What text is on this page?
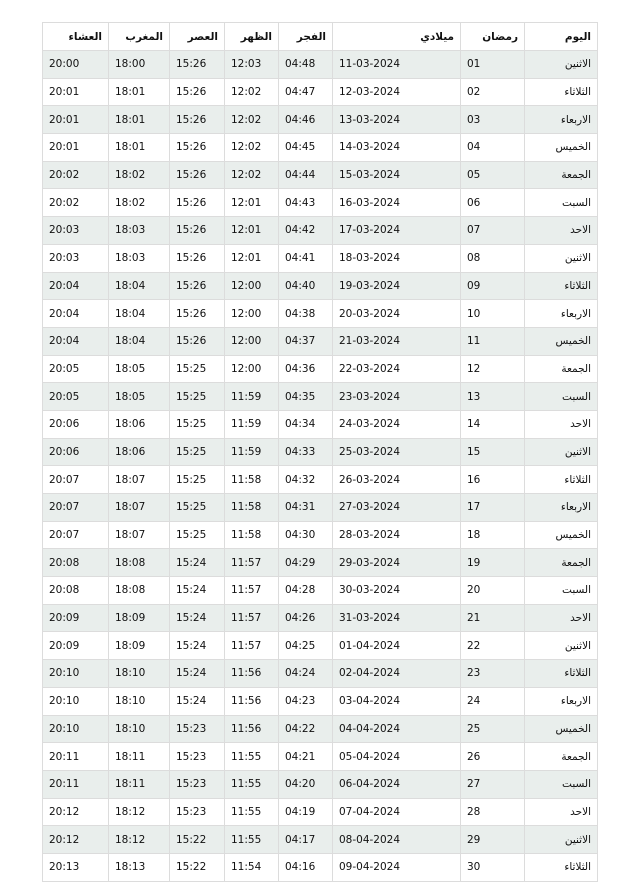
اليوم	رمضان	ميلادي	الفجر	الظهر	العصر	المغرب	العشاء
الاثنين	01	11-03-2024	04:48	12:03	15:26	18:00	20:00
الثلاثاء	02	12-03-2024	04:47	12:02	15:26	18:01	20:01
الاربعاء	03	13-03-2024	04:46	12:02	15:26	18:01	20:01
الخميس	04	14-03-2024	04:45	12:02	15:26	18:01	20:01
الجمعة	05	15-03-2024	04:44	12:02	15:26	18:02	20:02
السبت	06	16-03-2024	04:43	12:01	15:26	18:02	20:02
الاحد	07	17-03-2024	04:42	12:01	15:26	18:03	20:03
الاثنين	08	18-03-2024	04:41	12:01	15:26	18:03	20:03
الثلاثاء	09	19-03-2024	04:40	12:00	15:26	18:04	20:04
الاربعاء	10	20-03-2024	04:38	12:00	15:26	18:04	20:04
الخميس	11	21-03-2024	04:37	12:00	15:26	18:04	20:04
الجمعة	12	22-03-2024	04:36	12:00	15:25	18:05	20:05
السبت	13	23-03-2024	04:35	11:59	15:25	18:05	20:05
الاحد	14	24-03-2024	04:34	11:59	15:25	18:06	20:06
الاثنين	15	25-03-2024	04:33	11:59	15:25	18:06	20:06
الثلاثاء	16	26-03-2024	04:32	11:58	15:25	18:07	20:07
الاربعاء	17	27-03-2024	04:31	11:58	15:25	18:07	20:07
الخميس	18	28-03-2024	04:30	11:58	15:25	18:07	20:07
الجمعة	19	29-03-2024	04:29	11:57	15:24	18:08	20:08
السبت	20	30-03-2024	04:28	11:57	15:24	18:08	20:08
الاحد	21	31-03-2024	04:26	11:57	15:24	18:09	20:09
الاثنين	22	01-04-2024	04:25	11:57	15:24	18:09	20:09
الثلاثاء	23	02-04-2024	04:24	11:56	15:24	18:10	20:10
الاربعاء	24	03-04-2024	04:23	11:56	15:24	18:10	20:10
الخميس	25	04-04-2024	04:22	11:56	15:23	18:10	20:10
الجمعة	26	05-04-2024	04:21	11:55	15:23	18:11	20:11
السبت	27	06-04-2024	04:20	11:55	15:23	18:11	20:11
الاحد	28	07-04-2024	04:19	11:55	15:23	18:12	20:12
الاثنين	29	08-04-2024	04:17	11:55	15:22	18:12	20:12
الثلاثاء	30	09-04-2024	04:16	11:54	15:22	18:13	20:13
